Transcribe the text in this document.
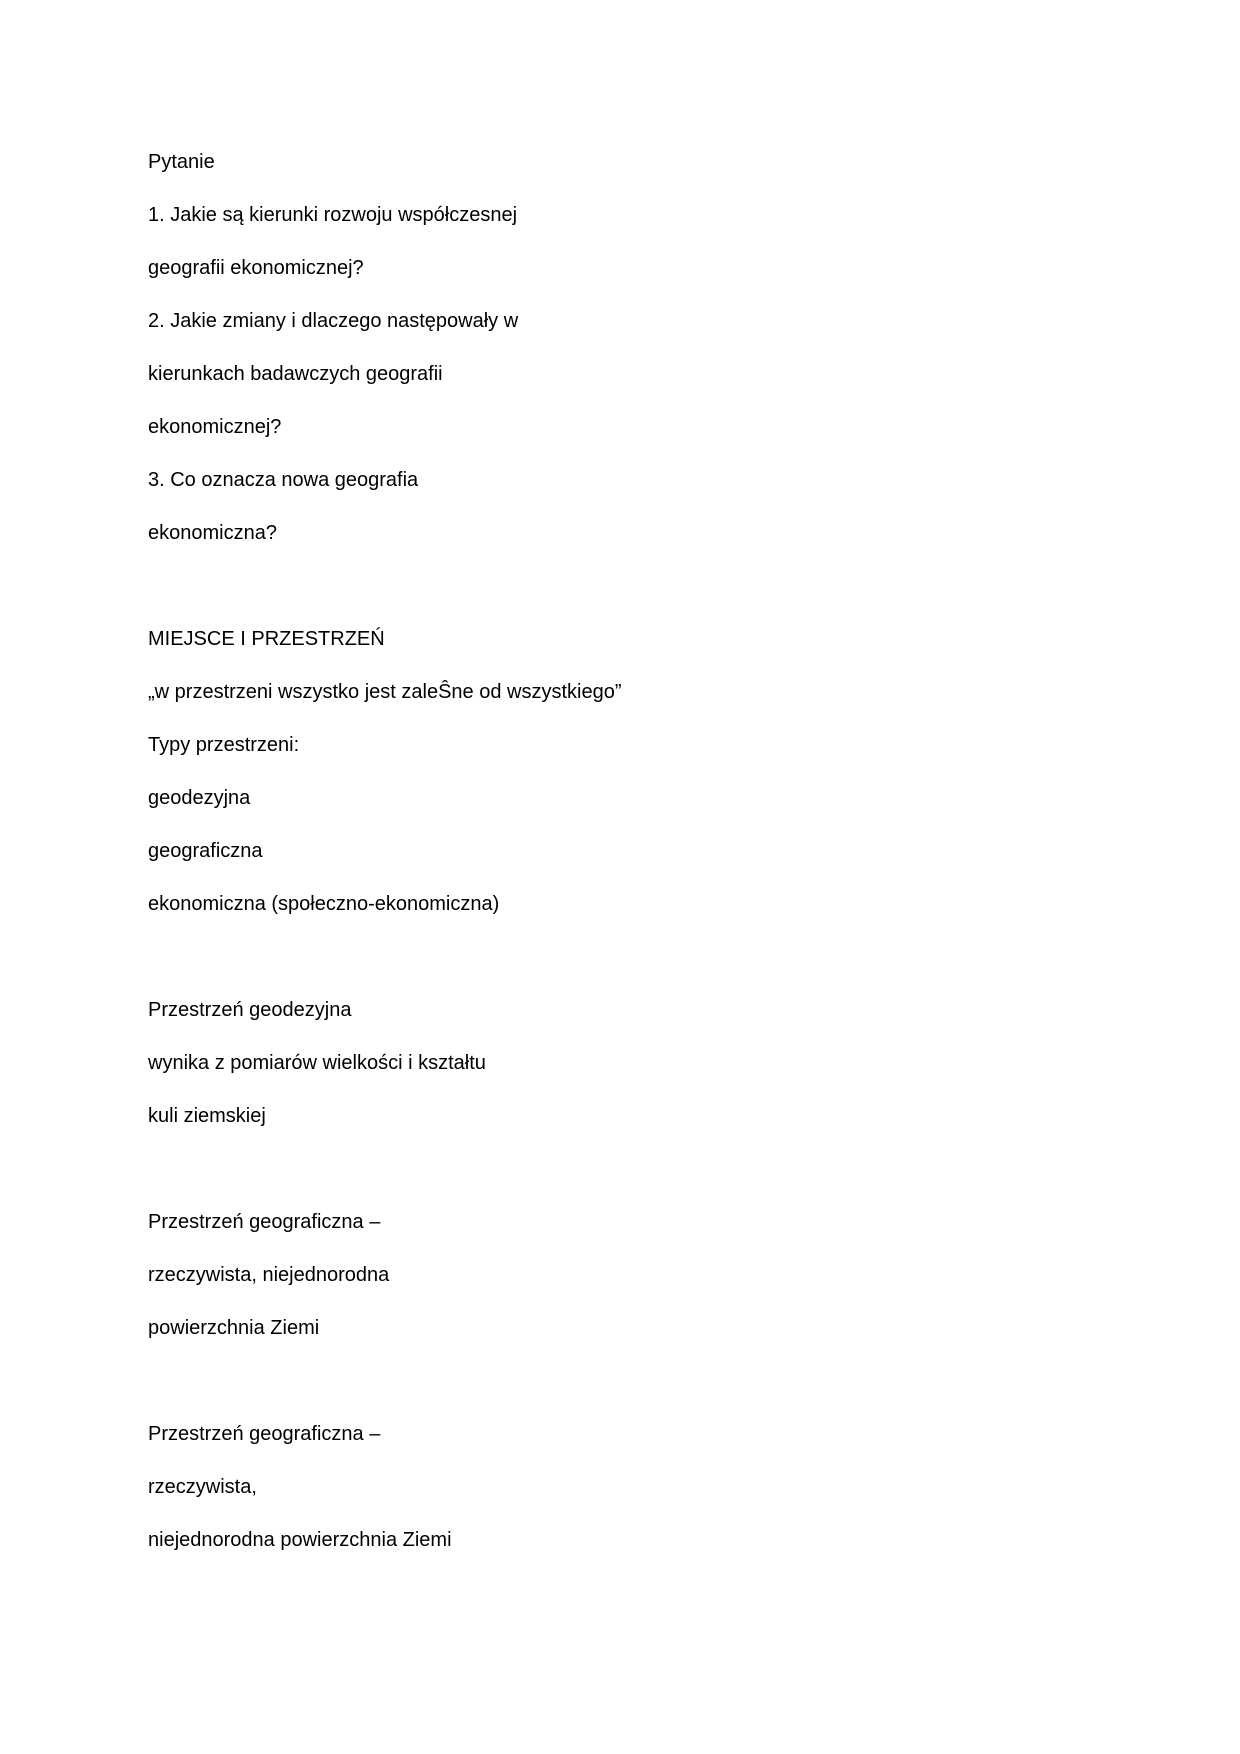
Pytanie

1. Jakie są kierunki rozwoju współczesnej

geografii ekonomicznej?

2. Jakie zmiany i dlaczego następowały w

kierunkach badawczych geografii

ekonomicznej?

3. Co oznacza nowa geografia

ekonomiczna?

MIEJSCE I PRZESTRZEŃ

„w przestrzeni wszystko jest zaleŜne od wszystkiego”

Typy przestrzeni:

geodezyjna

geograficzna

ekonomiczna (społeczno-ekonomiczna)

Przestrzeń geodezyjna

wynika z pomiarów wielkości i kształtu

kuli ziemskiej

Przestrzeń geograficzna –

rzeczywista, niejednorodna

powierzchnia Ziemi

Przestrzeń geograficzna –

rzeczywista,

niejednorodna powierzchnia Ziemi
